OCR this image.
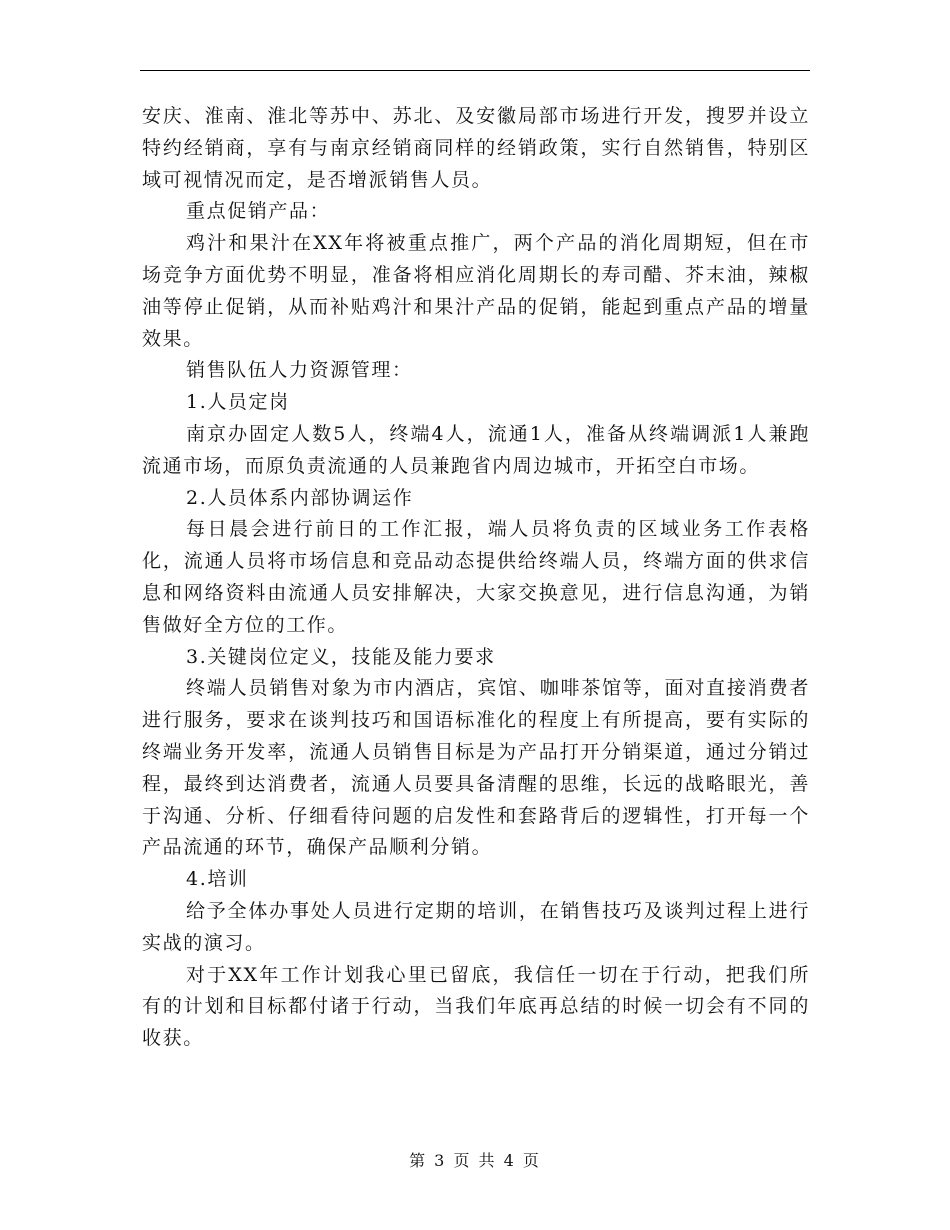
安庆、淮南、淮北等苏中、苏北、及安徽局部市场进行开发，搜罗并设立特约经销商，享有与南京经销商同样的经销政策，实行自然销售，特别区域可视情况而定，是否增派销售人员。

重点促销产品：

鸡汁和果汁在XX年将被重点推广，两个产品的消化周期短，但在市场竞争方面优势不明显，准备将相应消化周期长的寿司醋、芥末油，辣椒油等停止促销，从而补贴鸡汁和果汁产品的促销，能起到重点产品的增量效果。

销售队伍人力资源管理：

1.人员定岗

南京办固定人数5人，终端4人，流通1人，准备从终端调派1人兼跑流通市场，而原负责流通的人员兼跑省内周边城市，开拓空白市场。

2.人员体系内部协调运作

每日晨会进行前日的工作汇报，端人员将负责的区域业务工作表格化，流通人员将市场信息和竞品动态提供给终端人员，终端方面的供求信息和网络资料由流通人员安排解决，大家交换意见，进行信息沟通，为销售做好全方位的工作。

3.关键岗位定义，技能及能力要求

终端人员销售对象为市内酒店，宾馆、咖啡茶馆等，面对直接消费者进行服务，要求在谈判技巧和国语标准化的程度上有所提高，要有实际的终端业务开发率，流通人员销售目标是为产品打开分销渠道，通过分销过程，最终到达消费者，流通人员要具备清醒的思维，长远的战略眼光，善于沟通、分析、仔细看待问题的启发性和套路背后的逻辑性，打开每一个产品流通的环节，确保产品顺利分销。

4.培训

给予全体办事处人员进行定期的培训，在销售技巧及谈判过程上进行实战的演习。

对于XX年工作计划我心里已留底，我信任一切在于行动，把我们所有的计划和目标都付诸于行动，当我们年底再总结的时候一切会有不同的收获。

第 3 页 共 4 页
